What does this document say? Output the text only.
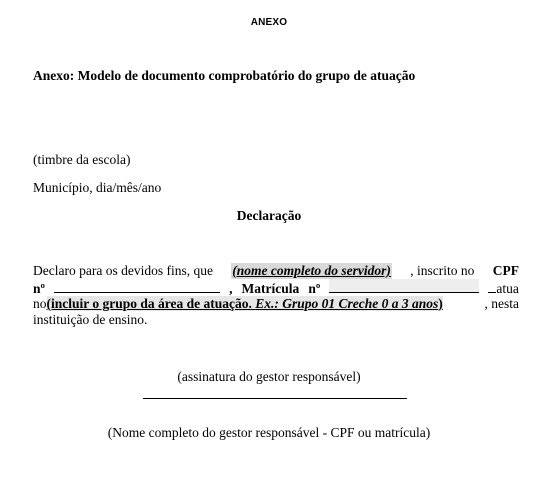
ANEXO
Anexo: Modelo de documento comprobatório do grupo de atuação
(timbre da escola)
Município, dia/mês/ano
Declaração
Declaro para os devidos fins, que (nome completo do servidor) , inscrito no CPF
nº	, Matrícula nº	atua
no(incluir o grupo da área de atuação. Ex.: Grupo 01 Creche 0 a 3 anos)	, nesta
instituição de ensino.
(assinatura do gestor responsável)
(Nome completo do gestor responsável - CPF ou matrícula)
